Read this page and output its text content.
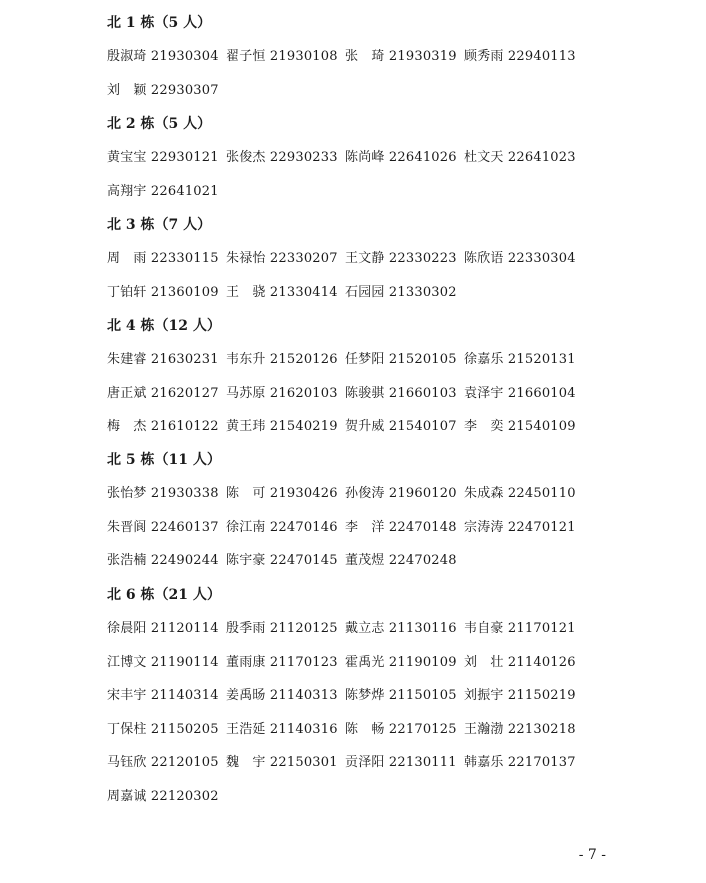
北 1 栋（5 人）
殷淑琦 21930304 翟子恒 21930108 张　琦 21930319 顾秀雨 22940113
刘　颖 22930307
北 2 栋（5 人）
黄宝宝 22930121 张俊杰 22930233 陈尚峰 22641026 杜文天 22641023
高翔宇 22641021
北 3 栋（7 人）
周　雨 22330115 朱禄怡 22330207 王文静 22330223 陈欣语 22330304
丁铂轩 21360109 王　骁 21330414 石园园 21330302
北 4 栋（12 人）
朱建睿 21630231 韦东升 21520126 任梦阳 21520105 徐嘉乐 21520131
唐正斌 21620127 马苏原 21620103 陈骏骐 21660103 袁泽宇 21660104
梅　杰 21610122 黄王玮 21540219 贺升威 21540107 李　奕 21540109
北 5 栋（11 人）
张怡梦 21930338 陈　可 21930426 孙俊涛 21960120 朱成森 22450110
朱晋阆 22460137 徐江南 22470146 李　洋 22470148 宗涛涛 22470121
张浩楠 22490244 陈宇豪 22470145 董茂煜 22470248
北 6 栋（21 人）
徐晨阳 21120114 殷季雨 21120125 戴立志 21130116 韦自豪 21170121
江博文 21190114 董雨康 21170123 霍禹光 21190109 刘　壮 21140126
宋丰宇 21140314 姜禹旸 21140313 陈梦烨 21150105 刘振宇 21150219
丁保柱 21150205 王浩延 21140316 陈　畅 22170125 王瀚渤 22130218
马钰欣 22120105 魏　宇 22150301 贡泽阳 22130111 韩嘉乐 22170137
周嘉诚 22120302
- 7 -
